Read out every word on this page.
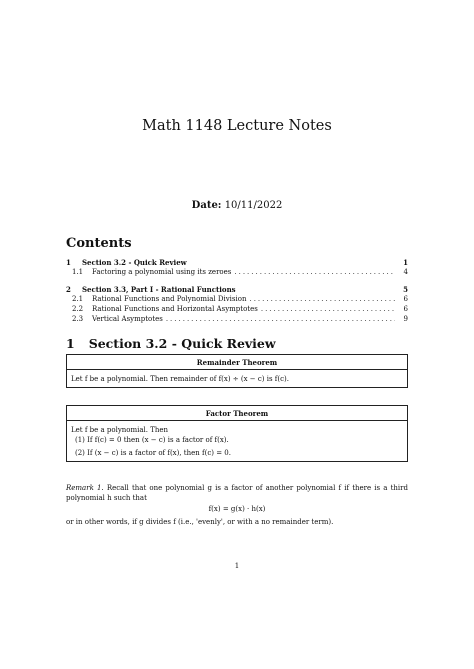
Math 1148 Lecture Notes
Date: 10/11/2022
Contents
1	Section 3.2 - Quick Review	1
1.1	Factoring a polynomial using its zeroes .....	4
2	Section 3.3, Part I - Rational Functions	5
2.1	Rational Functions and Polynomial Division .....	6
2.2	Rational Functions and Horizontal Asymptotes .....	6
2.3	Vertical Asymptotes .....	9
1 Section 3.2 - Quick Review
Remainder Theorem
Let f be a polynomial. Then remainder of f(x) ÷ (x − c) is f(c).
Factor Theorem
Let f be a polynomial. Then
(1) If f(c) = 0 then (x − c) is a factor of f(x).
(2) If (x − c) is a factor of f(x), then f(c) = 0.
Remark 1. Recall that one polynomial g is a factor of another polynomial f if there is a third polynomial h such that
f(x) = g(x) · h(x)
or in other words, if g divides f (i.e., 'evenly', or with a no remainder term).
1
